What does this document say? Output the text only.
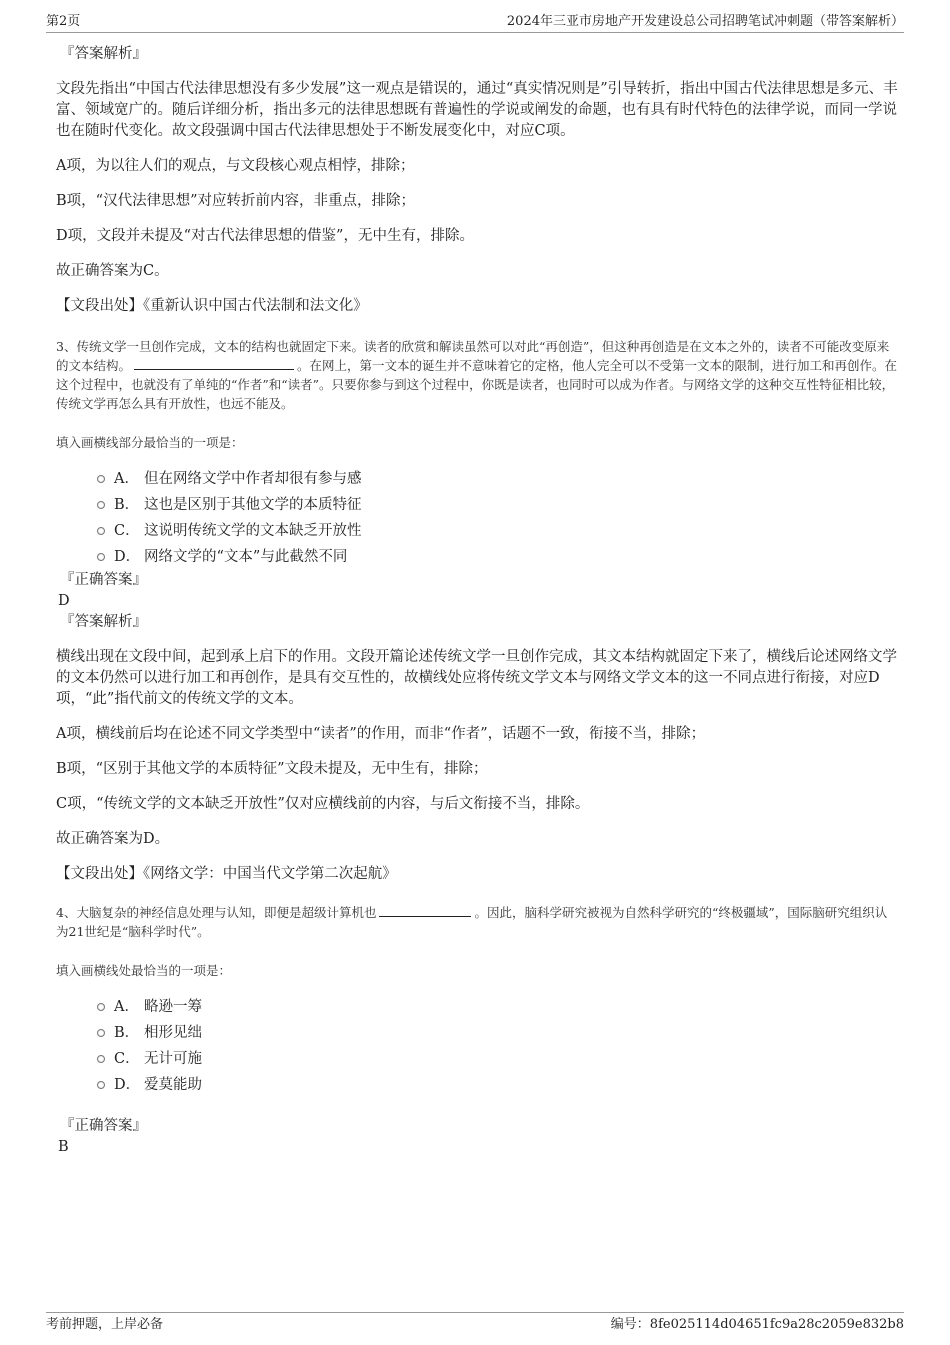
第2页	2024年三亚市房地产开发建设总公司招聘笔试冲刺题（带答案解析）

『答案解析』

文段先指出“中国古代法律思想没有多少发展”这一观点是错误的，通过“真实情况则是”引导转折，指出中国古代法律思想是多元、丰富、领域宽广的。随后详细分析，指出多元的法律思想既有普遍性的学说或阐发的命题，也有具有时代特色的法律学说，而同一学说也在随时代变化。故文段强调中国古代法律思想处于不断发展变化中，对应C项。

A项，为以往人们的观点，与文段核心观点相悖，排除；

B项，“汉代法律思想”对应转折前内容，非重点，排除；

D项，文段并未提及“对古代法律思想的借鉴”，无中生有，排除。

故正确答案为C。

【文段出处】《重新认识中国古代法制和法文化》

3、传统文学一旦创作完成，文本的结构也就固定下来。读者的欣赏和解读虽然可以对此“再创造”，但这种再创造是在文本之外的，读者不可能改变原来的文本结构。	。在网上，第一文本的诞生并不意味着它的定格，他人完全可以不受第一文本的限制，进行加工和再创作。在这个过程中，也就没有了单纯的“作者”和“读者”。只要你参与到这个过程中，你既是读者，也同时可以成为作者。与网络文学的这种交互性特征相比较，传统文学再怎么具有开放性，也远不能及。

填入画横线部分最恰当的一项是：

A． 但在网络文学中作者却很有参与感
B． 这也是区别于其他文学的本质特征
C． 这说明传统文学的文本缺乏开放性
D． 网络文学的“文本”与此截然不同

『正确答案』

D

『答案解析』

横线出现在文段中间，起到承上启下的作用。文段开篇论述传统文学一旦创作完成，其文本结构就固定下来了，横线后论述网络文学的文本仍然可以进行加工和再创作，是具有交互性的，故横线处应将传统文学文本与网络文学文本的这一不同点进行衔接，对应D项，“此”指代前文的传统文学的文本。

A项，横线前后均在论述不同文学类型中“读者”的作用，而非“作者”，话题不一致，衔接不当，排除；

B项，“区别于其他文学的本质特征”文段未提及，无中生有，排除；

C项，“传统文学的文本缺乏开放性”仅对应横线前的内容，与后文衔接不当，排除。

故正确答案为D。

【文段出处】《网络文学：中国当代文学第二次起航》

4、大脑复杂的神经信息处理与认知，即便是超级计算机也	。因此，脑科学研究被视为自然科学研究的“终极疆域”，国际脑研究组织认为21世纪是“脑科学时代”。

填入画横线处最恰当的一项是：

A． 略逊一筹
B． 相形见绌
C． 无计可施
D． 爱莫能助

『正确答案』

B

考前押题，上岸必备	编号：8fe025114d04651fc9a28c2059e832b8
